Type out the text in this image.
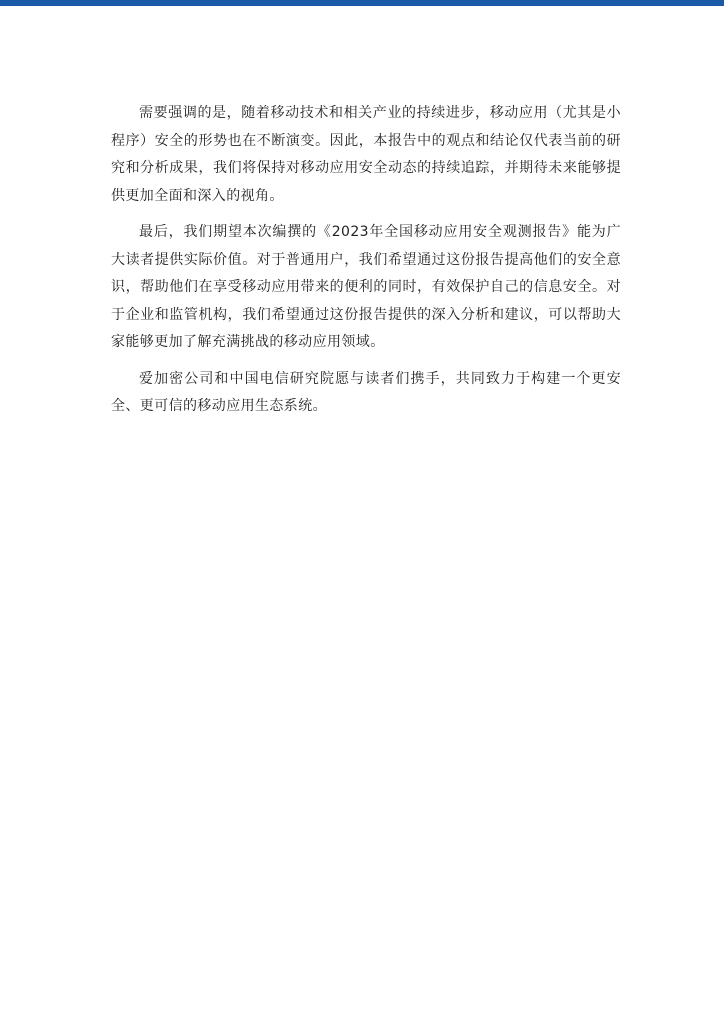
需要强调的是，随着移动技术和相关产业的持续进步，移动应用（尤其是小程序）安全的形势也在不断演变。因此，本报告中的观点和结论仅代表当前的研究和分析成果，我们将保持对移动应用安全动态的持续追踪，并期待未来能够提供更加全面和深入的视角。

最后，我们期望本次编撰的《2023年全国移动应用安全观测报告》能为广大读者提供实际价值。对于普通用户，我们希望通过这份报告提高他们的安全意识，帮助他们在享受移动应用带来的便利的同时，有效保护自己的信息安全。对于企业和监管机构，我们希望通过这份报告提供的深入分析和建议，可以帮助大家能够更加了解充满挑战的移动应用领域。

爱加密公司和中国电信研究院愿与读者们携手，共同致力于构建一个更安全、更可信的移动应用生态系统。
